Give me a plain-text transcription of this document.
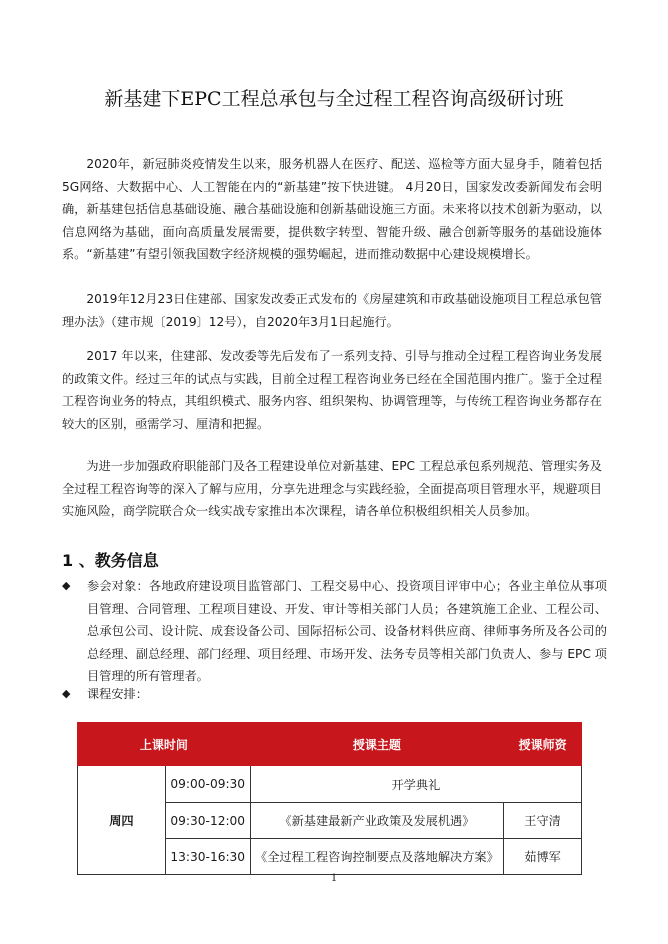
新基建下EPC工程总承包与全过程工程咨询高级研讨班

2020年，新冠肺炎疫情发生以来，服务机器人在医疗、配送、巡检等方面大显身手，随着包括 5G网络、大数据中心、人工智能在内的“新基建”按下快进键。 4月20日，国家发改委新闻发布会明确，新基建包括信息基础设施、融合基础设施和创新基础设施三方面。未来将以技术创新为驱动，以信息网络为基础，面向高质量发展需要，提供数字转型、智能升级、融合创新等服务的基础设施体系。“新基建”有望引领我国数字经济规模的强势崛起，进而推动数据中心建设规模增长。

2019年12月23日住建部、国家发改委正式发布的《房屋建筑和市政基础设施项目工程总承包管理办法》（建市规〔2019〕12号），自2020年3月1日起施行。

2017 年以来，住建部、发改委等先后发布了一系列支持、引导与推动全过程工程咨询业务发展的政策文件。经过三年的试点与实践，目前全过程工程咨询业务已经在全国范围内推广。鉴于全过程工程咨询业务的特点，其组织模式、服务内容、组织架构、协调管理等，与传统工程咨询业务都存在较大的区别，亟需学习、厘清和把握。

为进一步加强政府职能部门及各工程建设单位对新基建、EPC 工程总承包系列规范、管理实务及全过程工程咨询等的深入了解与应用，分享先进理念与实践经验，全面提高项目管理水平，规避项目实施风险，商学院联合众一线实战专家推出本次课程，请各单位积极组织相关人员参加。

1 、教务信息
◆ 参会对象：各地政府建设项目监管部门、工程交易中心、投资项目评审中心；各业主单位从事项目管理、合同管理、工程项目建设、开发、审计等相关部门人员；各建筑施工企业、工程公司、总承包公司、设计院、成套设备公司、国际招标公司、设备材料供应商、律师事务所及各公司的总经理、副总经理、部门经理、项目经理、市场开发、法务专员等相关部门负责人、参与 EPC 项目管理的所有管理者。
◆ 课程安排：
上课时间		授课主题	授课师资
周四	09:00-09:30	开学典礼	
	09:30-12:00	《新基建最新产业政策及发展机遇》	王守清
	13:30-16:30	《全过程工程咨询控制要点及落地解决方案》	茹博军
1
